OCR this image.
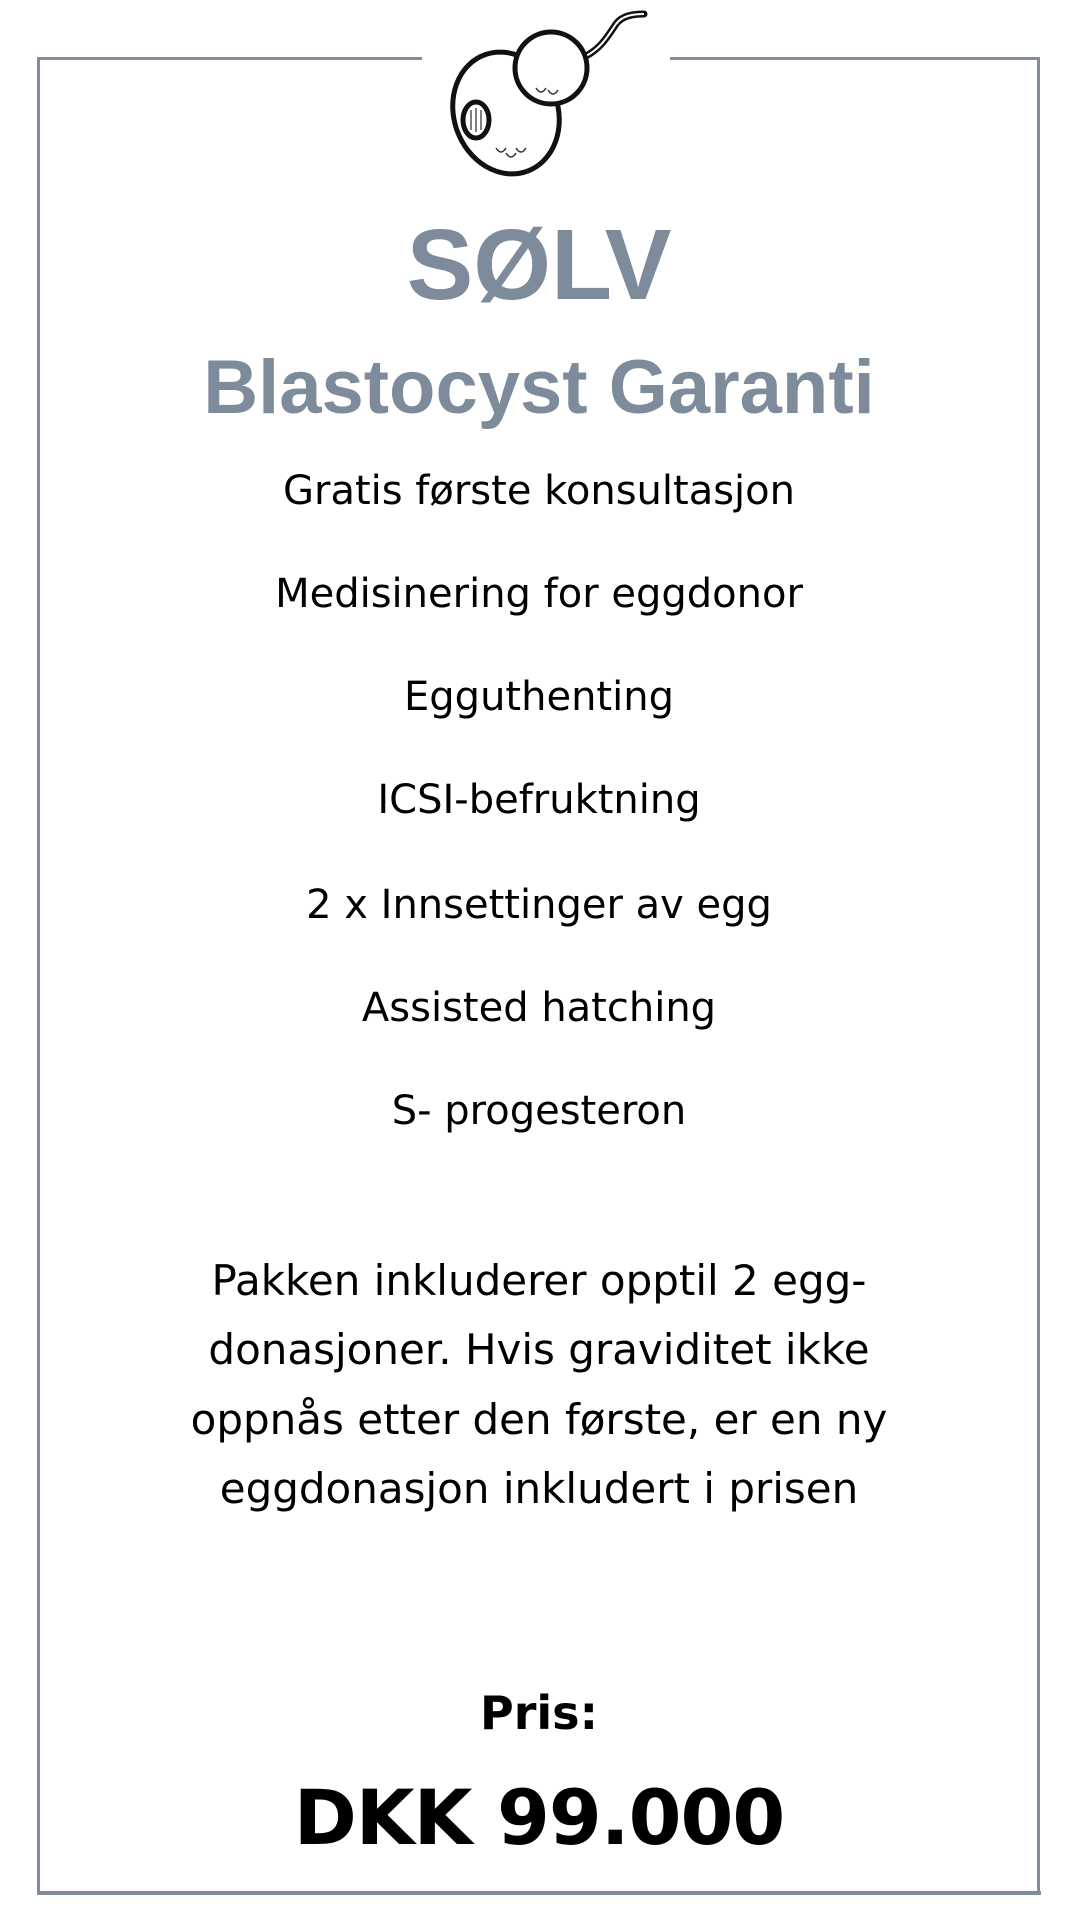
SØLV
Blastocyst Garanti
Gratis første konsultasjon
Medisinering for eggdonor
Egguthenting
ICSI-befruktning
2 x Innsettinger av egg
Assisted hatching
S- progesteron
Pakken inkluderer opptil 2 egg-
donasjoner. Hvis graviditet ikke
oppnås etter den første, er en ny
eggdonasjon inkludert i prisen
Pris:
DKK 99.000
